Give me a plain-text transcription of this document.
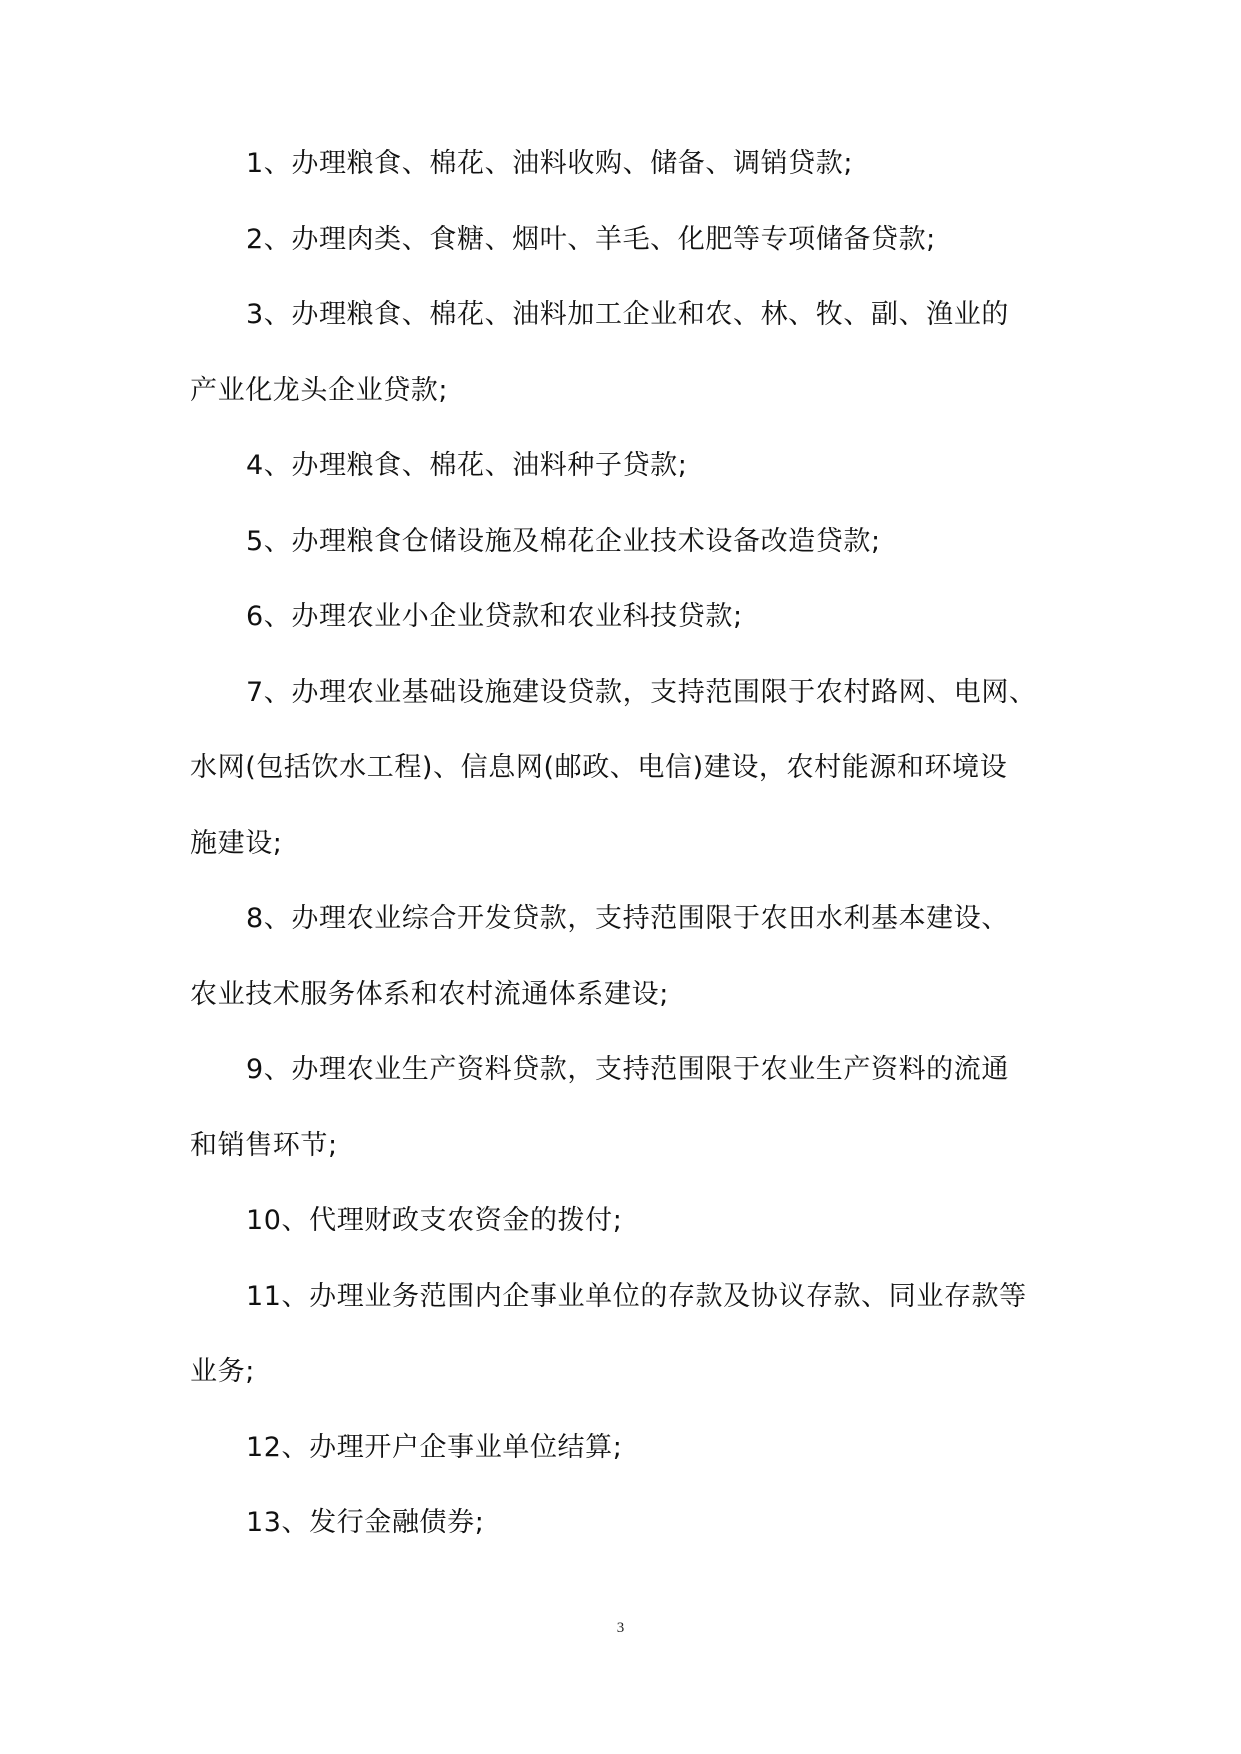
1、办理粮食、棉花、油料收购、储备、调销贷款;
2、办理肉类、食糖、烟叶、羊毛、化肥等专项储备贷款;
3、办理粮食、棉花、油料加工企业和农、林、牧、副、渔业的
产业化龙头企业贷款;
4、办理粮食、棉花、油料种子贷款;
5、办理粮食仓储设施及棉花企业技术设备改造贷款;
6、办理农业小企业贷款和农业科技贷款;
7、办理农业基础设施建设贷款，支持范围限于农村路网、电网、
水网(包括饮水工程)、信息网(邮政、电信)建设，农村能源和环境设
施建设;
8、办理农业综合开发贷款，支持范围限于农田水利基本建设、
农业技术服务体系和农村流通体系建设;
9、办理农业生产资料贷款，支持范围限于农业生产资料的流通
和销售环节;
10、代理财政支农资金的拨付;
11、办理业务范围内企事业单位的存款及协议存款、同业存款等
业务;
12、办理开户企事业单位结算;
13、发行金融债券;
3
